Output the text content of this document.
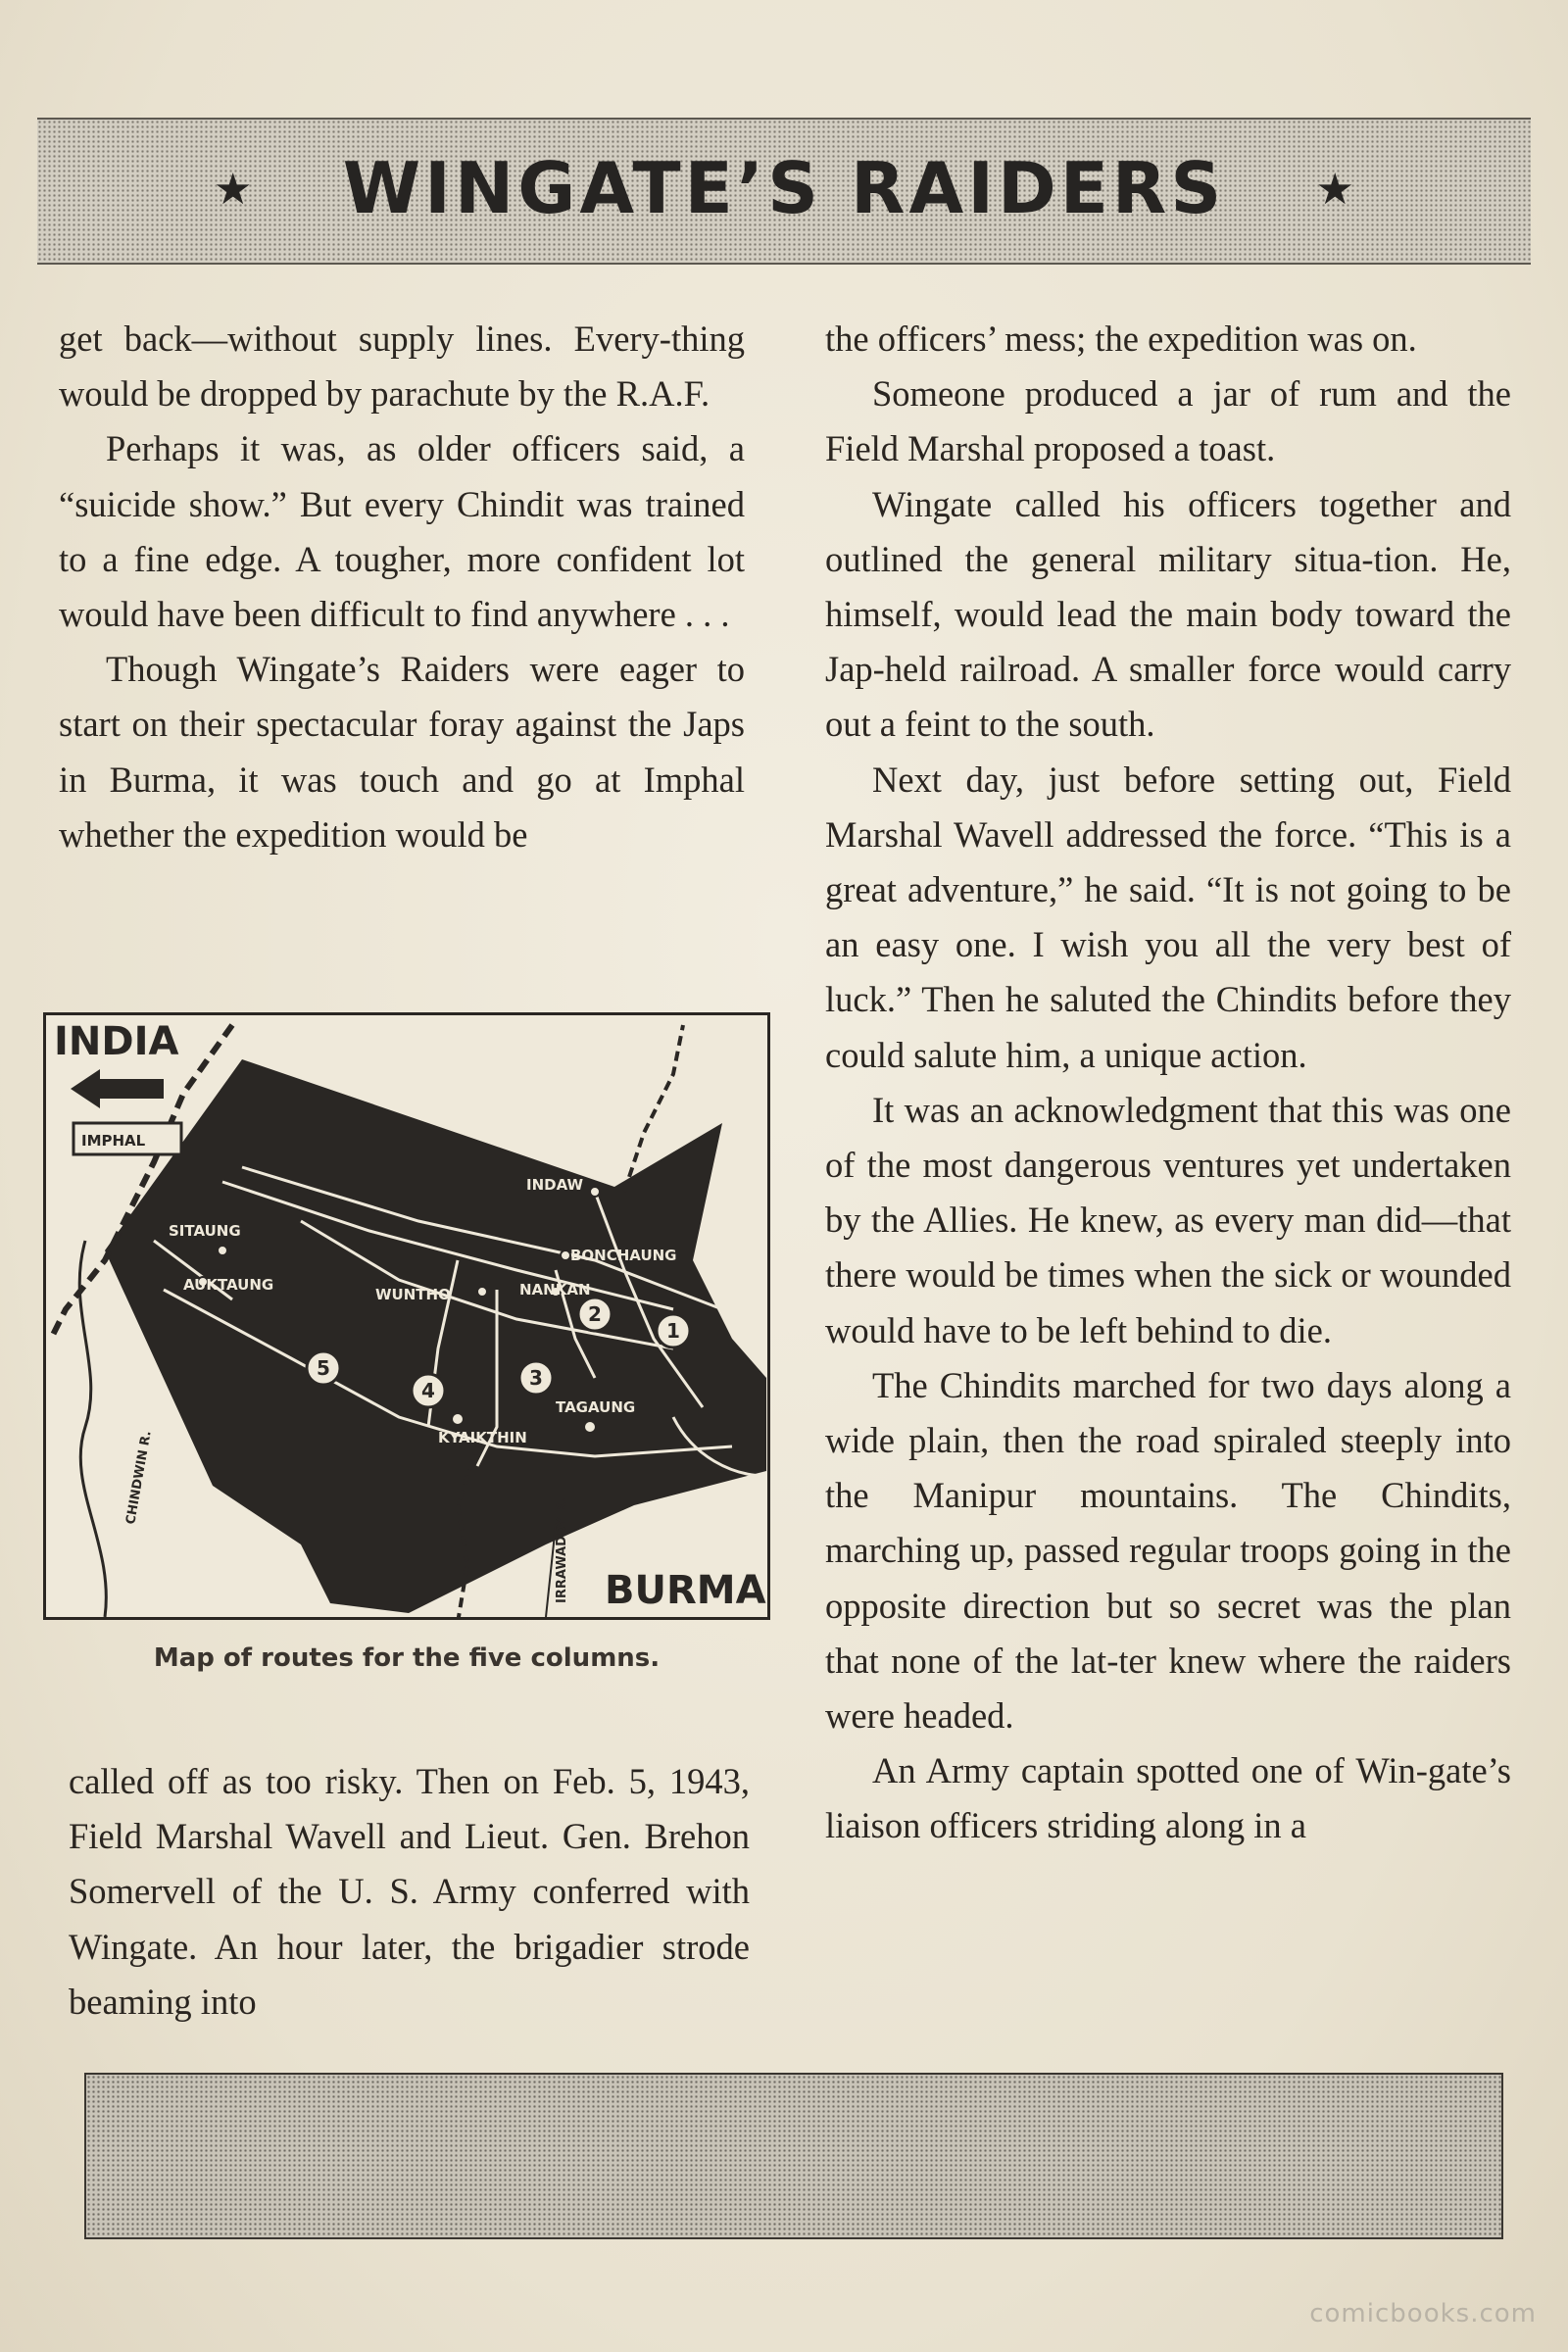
★	WINGATE’S RAIDERS	★

get back—without supply lines. Every-thing would be dropped by parachute by the R.A.F.

Perhaps it was, as older officers said, a “suicide show.” But every Chindit was trained to a fine edge. A tougher, more confident lot would have been difficult to find anywhere . . .

Though Wingate’s Raiders were eager to start on their spectacular foray against the Japs in Burma, it was touch and go at Imphal whether the expedition would be

INDIA
BURMA
IMPHAL
BURMA RY.
INDAW
BONCHAUNG
NANKAN
SITAUNG
AUKTAUNG
WUNTHO
TAGAUNG
KYAIKTHIN
CHINDWIN R.
IRRAWADDY R.
1
2
3
4
5
Map of routes for the five columns.

called off as too risky. Then on Feb. 5, 1943, Field Marshal Wavell and Lieut. Gen. Brehon Somervell of the U. S. Army conferred with Wingate. An hour later, the brigadier strode beaming into

the officers’ mess; the expedition was on.

Someone produced a jar of rum and the Field Marshal proposed a toast.

Wingate called his officers together and outlined the general military situa-tion. He, himself, would lead the main body toward the Jap-held railroad. A smaller force would carry out a feint to the south.

Next day, just before setting out, Field Marshal Wavell addressed the force. “This is a great adventure,” he said. “It is not going to be an easy one. I wish you all the very best of luck.” Then he saluted the Chindits before they could salute him, a unique action.

It was an acknowledgment that this was one of the most dangerous ventures yet undertaken by the Allies. He knew, as every man did—that there would be times when the sick or wounded would have to be left behind to die.

The Chindits marched for two days along a wide plain, then the road spiraled steeply into the Manipur mountains. The Chindits, marching up, passed regular troops going in the opposite direction but so secret was the plan that none of the lat-ter knew where the raiders were headed.

An Army captain spotted one of Win-gate’s liaison officers striding along in a

comicbooks.com
